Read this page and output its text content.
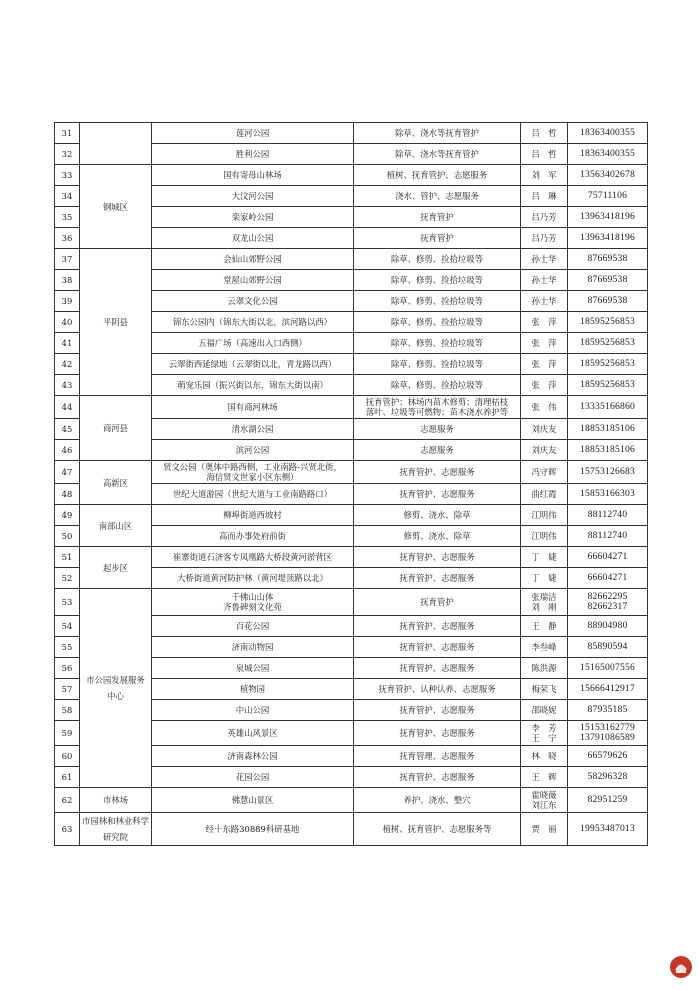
31		莲河公园	除草、浇水等抚育管护	吕　哲	18363400355

32		胜利公园	除草、浇水等抚育管护	吕　哲	18363400355

33	钢城区	国有寄母山林场	植树、抚育管护、志愿服务	刘　军	13563402678

34		大汶河公园	浇水、管护、志愿服务	吕　琳	75711106

35		栾家岭公园	抚育管护	吕乃芳	13963418196

36		双龙山公园	抚育管护	吕乃芳	13963418196

37	平阴县	会仙山郊野公园	除草、修剪、捡拾垃圾等	孙士华	87669538

38		堂屋山郊野公园	除草、修剪、捡拾垃圾等	孙士华	87669538

39		云翠文化公园	除草、修剪、捡拾垃圾等	孙士华	87669538

40		锦东公园内（锦东大街以北，滨河路以西）	除草、修剪、捡拾垃圾等	张　萍	18595256853

41		五福广场（高速出入口西侧）	除草、修剪、捡拾垃圾等	张　萍	18595256853

42		云翠街西延绿地（云翠街以北，青龙路以西）	除草、修剪、捡拾垃圾等	张　萍	18595256853

43		萌宠乐园（振兴街以东，锦东大街以南）	除草、修剪、捡拾垃圾等	张　萍	18595256853

44	商河县	国有商河林场	抚育管护；林场内苗木修剪；清理枯枝
落叶、垃圾等可燃物；苗木浇水养护等	张　伟	13335166860

45		清水湖公园	志愿服务	刘庆友	18853185106

46		滨河公园	志愿服务	刘庆友	18853185106

47	高新区	贤文公园（奥体中路西侧，工业南路-兴贤北街，
海信贤文世家小区东侧）	抚育管护、志愿服务	冯守辉	15753126683

48		世纪大道游园（世纪大道与工业南路路口）	抚育管护、志愿服务	曲红霞	15853166303

49	南部山区	柳埠街道西坡村	修剪、浇水、除草	江明伟	88112740

50		高而办事处府前街	修剪、浇水、除草	江明伟	88112740

51	起步区	崔寨街道石济客专凤凰路大桥段黄河淤背区	抚育管护、志愿服务	丁　婕	66604271

52		大桥街道黄河防护林（黄河堤顶路以北）	抚育管护、志愿服务	丁　婕	66604271

53	市公园发展服务中心	千佛山山体
齐鲁碑刻文化苑	抚育管护	张瑞洁
刘　刚	82662295
82662317

54		百花公园	抚育管护、志愿服务	王　静	88904980

55		济南动物园	抚育管护、志愿服务	李叁峰	85890594

56		泉城公园	抚育管护、志愿服务	陈洪源	15165007556

57		植物园	抚育管护、认种认养、志愿服务	梅荣飞	15666412917

58		中山公园	抚育管护、志愿服务	邵晓妮	87935185

59		英雄山风景区	抚育管护、志愿服务	李　芳
王　宁	15153162779
13791086589

60		济南森林公园	抚育管理、志愿服务	林　晓	66579626

61		花园公园	抚育管护、志愿服务	王　辉	58296328

62	市林场	佛慧山景区	养护、浇水、整穴	霍晓薇
刘江东	82951259

63	市园林和林业科学研究院	经十东路30889科研基地	植树、抚育管护、志愿服务等	贾　丽	19953487013
